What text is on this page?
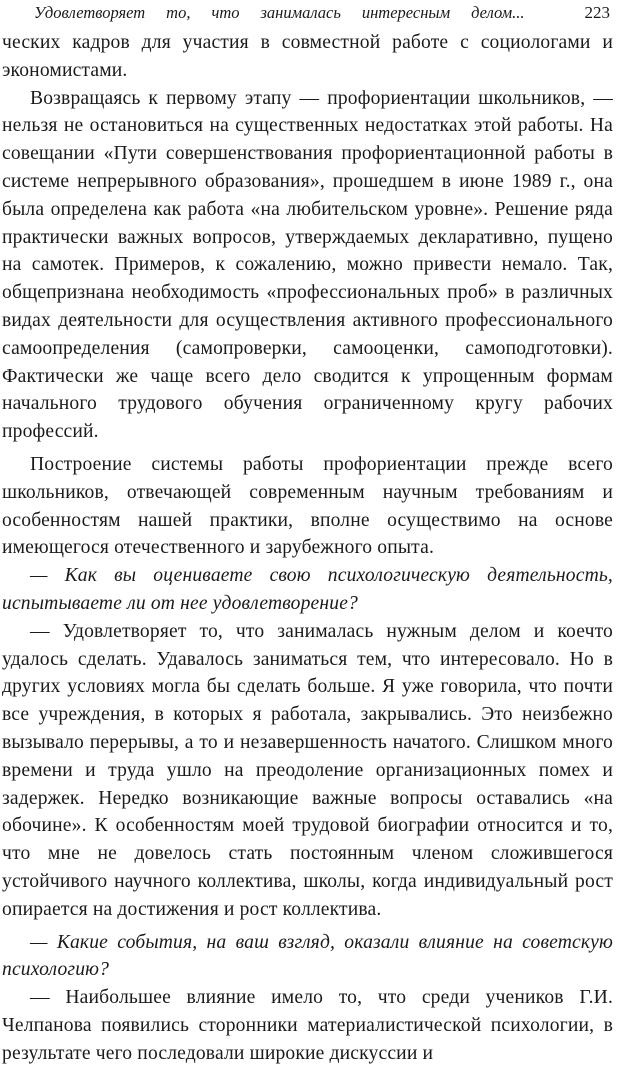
Удовлетворяет то, что занималась интересным делом...	223

ческих кадров для участия в совместной работе с социологами и экономистами.

Возвращаясь к первому этапу — профориентации школьников, — нельзя не остановиться на существенных недостатках этой работы. На совещании «Пути совершенствования профориентационной работы в системе непрерывного образования», прошедшем в июне 1989 г., она была определена как работа «на любительском уровне». Решение ряда практически важных вопросов, утверждаемых декларативно, пущено на самотек. Примеров, к сожалению, можно привести немало. Так, общепризнана необходимость «профессиональных проб» в различных видах деятельности для осуществления активного профессионального самоопределения (самопроверки, самооценки, самоподготовки). Фактически же чаще всего дело сводится к упрощенным формам начального трудового обучения ограниченному кругу рабочих профессий.

Построение системы работы профориентации прежде всего школьников, отвечающей современным научным требованиям и особенностям нашей практики, вполне осуществимо на основе имеющегося отечественного и зарубежного опыта.

— Как вы оцениваете свою психологическую деятельность, испытываете ли от нее удовлетворение?

— Удовлетворяет то, что занималась нужным делом и коечто удалось сделать. Удавалось заниматься тем, что интересовало. Но в других условиях могла бы сделать больше. Я уже говорила, что почти все учреждения, в которых я работала, закрывались. Это неизбежно вызывало перерывы, а то и незавершенность начатого. Слишком много времени и труда ушло на преодоление организационных помех и задержек. Нередко возникающие важные вопросы оставались «на обочине». К особенностям моей трудовой биографии относится и то, что мне не довелось стать постоянным членом сложившегося устойчивого научного коллектива, школы, когда индивидуальный рост опирается на достижения и рост коллектива.

— Какие события, на ваш взгляд, оказали влияние на советскую психологию?

— Наибольшее влияние имело то, что среди учеников Г.И. Челпанова появились сторонники материалистической психологии, в результате чего последовали широкие дискуссии и
